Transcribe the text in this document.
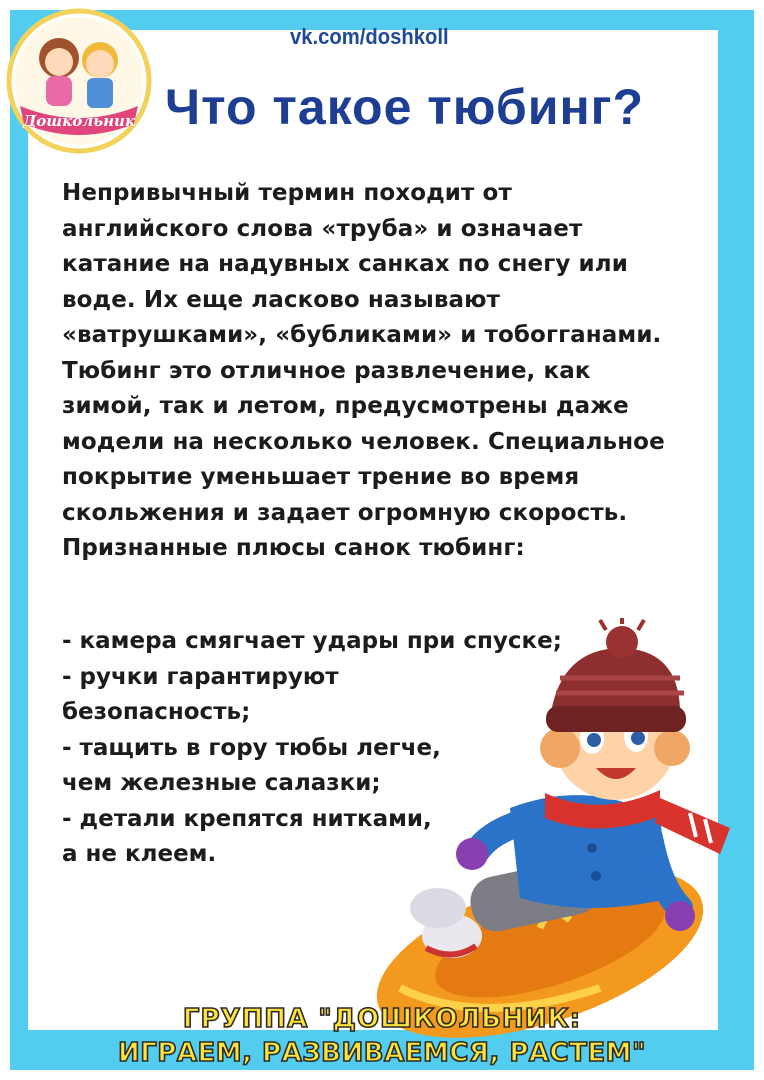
Дошкольник
vk.com/doshkoll
Что такое тюбинг?

Непривычный термин походит от

английского слова «труба» и означает

катание на надувных санках по снегу или

воде. Их еще ласково называют

«ватрушками», «бубликами» и тобогганами.

Тюбинг это отличное развлечение, как

зимой, так и летом, предусмотрены даже

модели на несколько человек. Специальное

покрытие уменьшает трение во время

скольжения и задает огромную скорость.

Признанные плюсы санок тюбинг:

- камера смягчает удары при спуске;

- ручки гарантируют

безопасность;

- тащить в гору тюбы легче,

чем железные салазки;

- детали крепятся нитками,

а не клеем.

ГРУППА "ДОШКОЛЬНИК:
ИГРАЕМ, РАЗВИВАЕМСЯ, РАСТЕМ"
